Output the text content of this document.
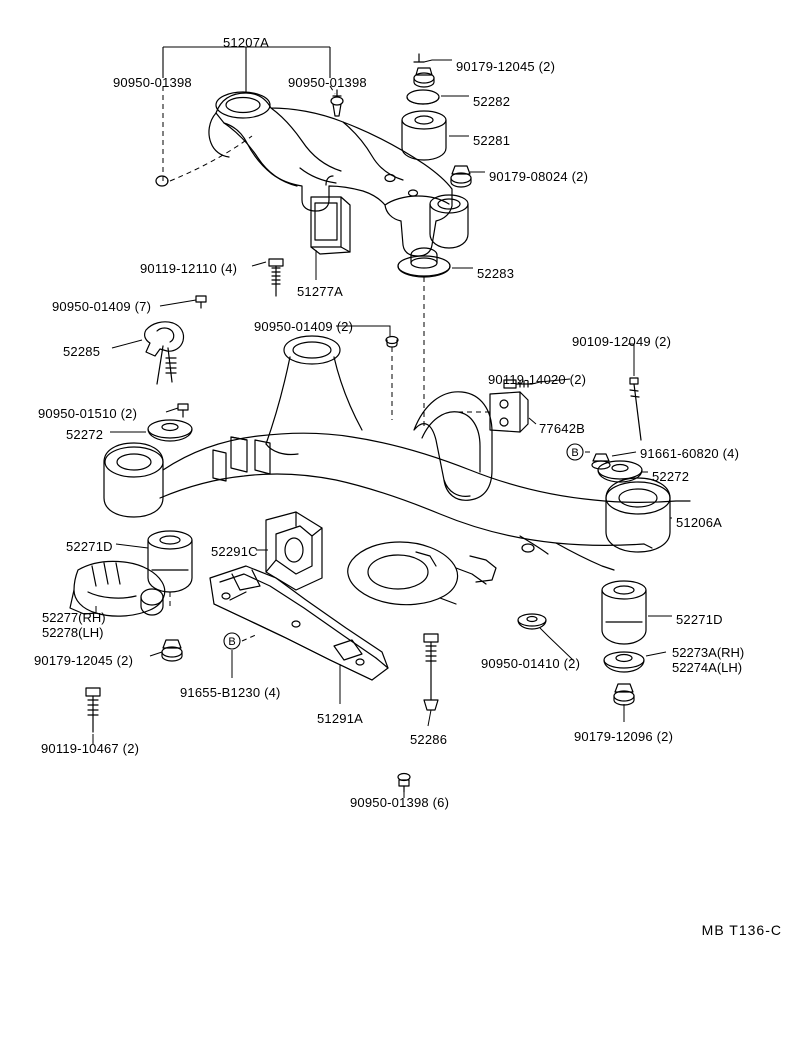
B
B
51207A
90950-01398	90950-01398
90179-12045 (2)
52282
52281
90179-08024 (2)
90119-12110 (4)
51277A
52283
90950-01409 (7)
52285
90950-01409 (2)
90109-12049 (2)
90119-14020 (2)
90950-01510 (2)
52272	77642B
91661-60820 (4)
52272
51206A
52271D	52291C
52271D
90179-12045 (2)	90950-01410 (2)
91655-B1230 (4)
51291A
52286	90179-12096 (2)
90119-10467 (2)
90950-01398 (6)
52277(RH)
52278(LH)
52273A(RH)
52274A(LH)
MB T136-C
